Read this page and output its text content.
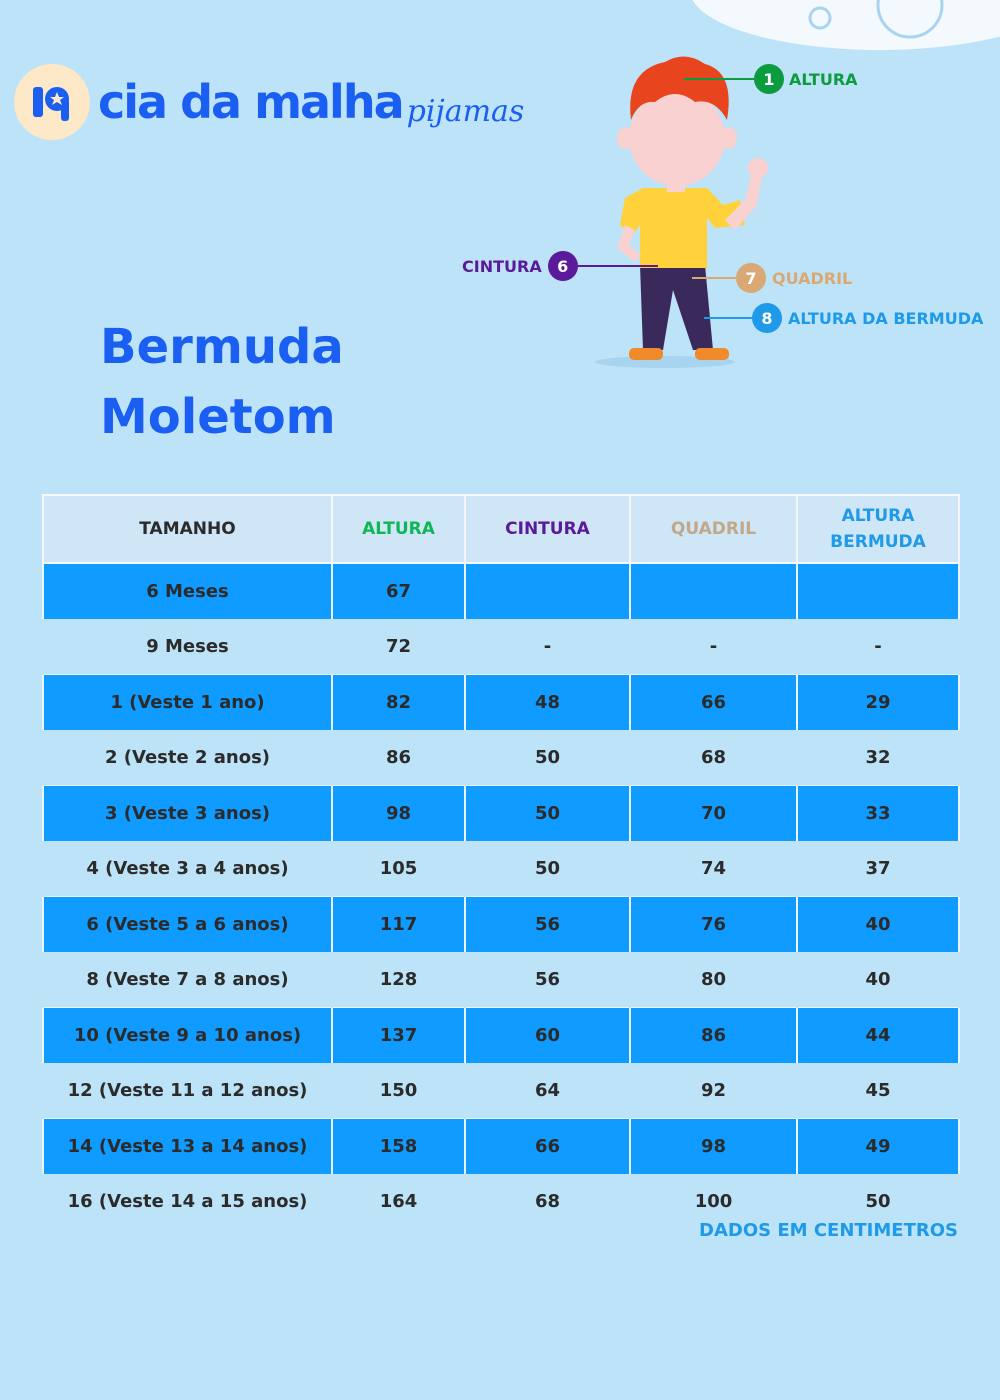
cia da malha pijamas
1 ALTURA
CINTURA 6
7 QUADRIL
8 ALTURA DA BERMUDA
Bermuda
Moletom
TAMANHO	ALTURA	CINTURA	QUADRIL	ALTURA BERMUDA
6 Meses	67			
9 Meses	72	-	-	-
1 (Veste 1 ano)	82	48	66	29
2 (Veste 2 anos)	86	50	68	32
3 (Veste 3 anos)	98	50	70	33
4 (Veste 3 a 4 anos)	105	50	74	37
6 (Veste 5 a 6 anos)	117	56	76	40
8 (Veste 7 a 8 anos)	128	56	80	40
10 (Veste 9 a 10 anos)	137	60	86	44
12 (Veste 11 a 12 anos)	150	64	92	45
14 (Veste 13 a 14 anos)	158	66	98	49
16 (Veste 14 a 15 anos)	164	68	100	50
DADOS EM CENTIMETROS
